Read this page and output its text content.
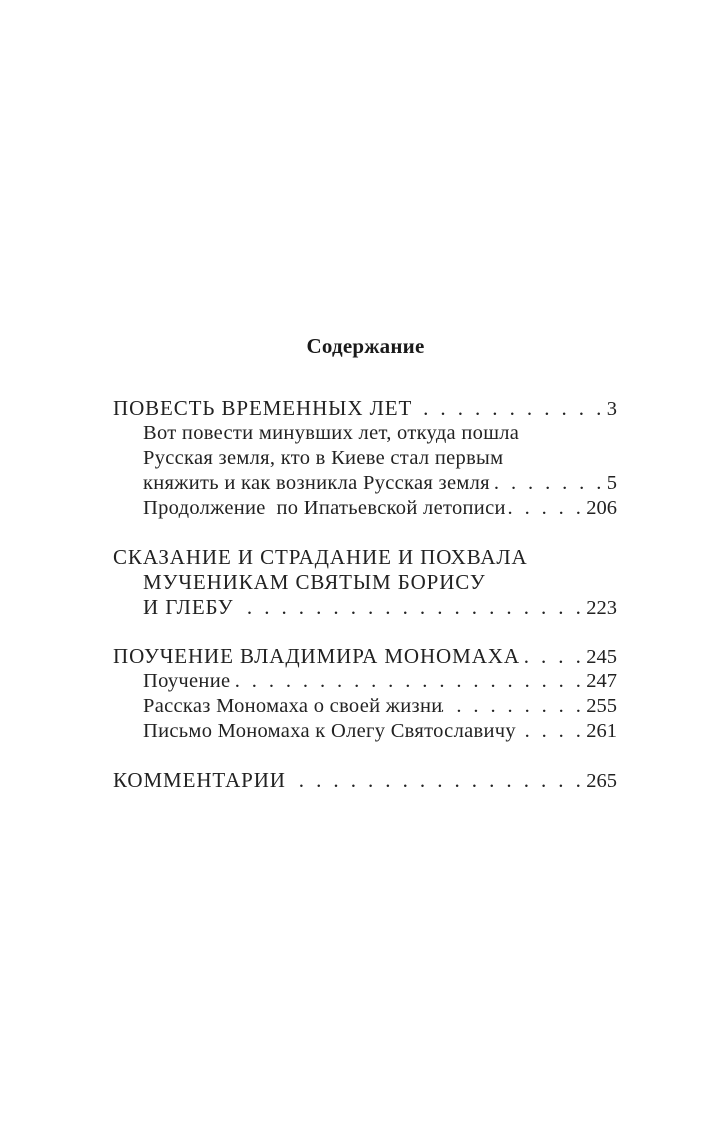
Содержание
ПОВЕСТЬ ВРЕМЕННЫХ ЛЕТ . . .	3
Вот повести минувших лет, откуда пошла
Русская земля, кто в Киеве стал первым
княжить и как возникла Русская земля . . .	5
Продолжение  по Ипатьевской летописи . . .	206
СКАЗАНИЕ И СТРАДАНИЕ И ПОХВАЛА
МУЧЕНИКАМ СВЯТЫМ БОРИСУ
И ГЛЕБУ . . .	223
ПОУЧЕНИЕ ВЛАДИМИРА МОНОМАХА . . .	245
Поучение . . .	247
Рассказ Мономаха о своей жизни . . .	255
Письмо Мономаха к Олегу Святославичу . . .	261
КОММЕНТАРИИ . . .	265
